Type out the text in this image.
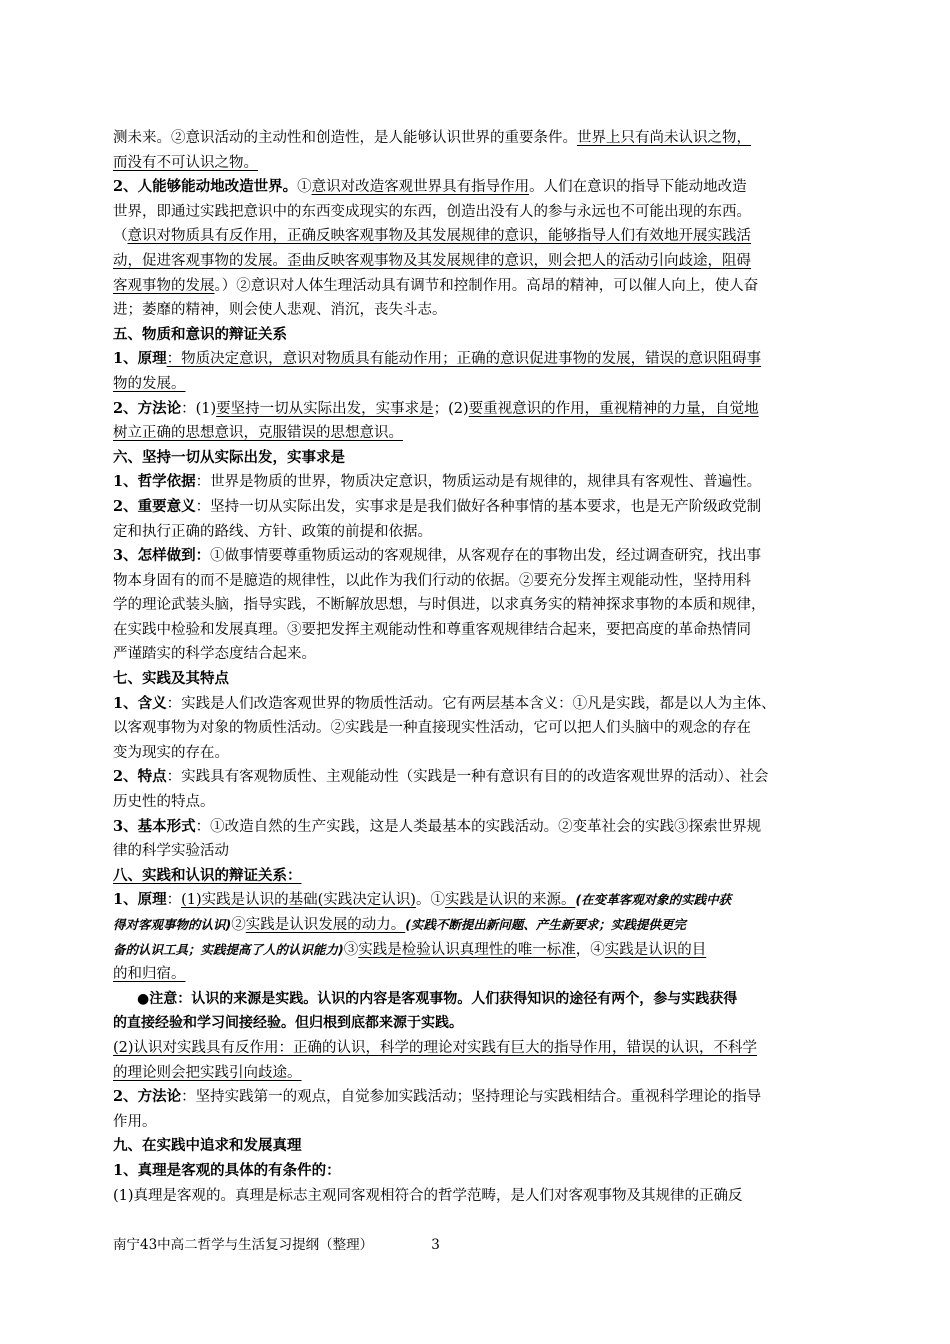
测未来。②意识活动的主动性和创造性，是人能够认识世界的重要条件。世界上只有尚未认识之物，
而没有不可认识之物。
2、人能够能动地改造世界。①意识对改造客观世界具有指导作用。人们在意识的指导下能动地改造
世界，即通过实践把意识中的东西变成现实的东西，创造出没有人的参与永远也不可能出现的东西。
（意识对物质具有反作用，正确反映客观事物及其发展规律的意识，能够指导人们有效地开展实践活
动，促进客观事物的发展。歪曲反映客观事物及其发展规律的意识，则会把人的活动引向歧途，阻碍
客观事物的发展。）②意识对人体生理活动具有调节和控制作用。高昂的精神，可以催人向上，使人奋
进；萎靡的精神，则会使人悲观、消沉，丧失斗志。
五、物质和意识的辩证关系
1、原理：物质决定意识，意识对物质具有能动作用；正确的意识促进事物的发展，错误的意识阻碍事
物的发展。
2、方法论：(1)要坚持一切从实际出发，实事求是；(2)要重视意识的作用，重视精神的力量，自觉地
树立正确的思想意识，克服错误的思想意识。
六、坚持一切从实际出发，实事求是
1、哲学依据：世界是物质的世界，物质决定意识，物质运动是有规律的，规律具有客观性、普遍性。
2、重要意义：坚持一切从实际出发，实事求是是我们做好各种事情的基本要求，也是无产阶级政党制
定和执行正确的路线、方针、政策的前提和依据。
3、怎样做到：①做事情要尊重物质运动的客观规律，从客观存在的事物出发，经过调查研究，找出事
物本身固有的而不是臆造的规律性，以此作为我们行动的依据。②要充分发挥主观能动性，坚持用科
学的理论武装头脑，指导实践，不断解放思想，与时俱进，以求真务实的精神探求事物的本质和规律，
在实践中检验和发展真理。③要把发挥主观能动性和尊重客观规律结合起来，要把高度的革命热情同
严谨踏实的科学态度结合起来。
七、实践及其特点
1、含义：实践是人们改造客观世界的物质性活动。它有两层基本含义：①凡是实践，都是以人为主体、
以客观事物为对象的物质性活动。②实践是一种直接现实性活动，它可以把人们头脑中的观念的存在
变为现实的存在。
2、特点：实践具有客观物质性、主观能动性（实践是一种有意识有目的的改造客观世界的活动）、社会
历史性的特点。
3、基本形式：①改造自然的生产实践，这是人类最基本的实践活动。②变革社会的实践③探索世界规
律的科学实验活动
八、实践和认识的辩证关系：
1、原理：(1)实践是认识的基础(实践决定认识)。①实践是认识的来源。(在变革客观对象的实践中获
得对客观事物的认识)②实践是认识发展的动力。(实践不断提出新问题、产生新要求；实践提供更完
备的认识工具；实践提高了人的认识能力)③实践是检验认识真理性的唯一标准，④实践是认识的目
的和归宿。
●注意：认识的来源是实践。认识的内容是客观事物。人们获得知识的途径有两个，参与实践获得
的直接经验和学习间接经验。但归根到底都来源于实践。
(2)认识对实践具有反作用：正确的认识，科学的理论对实践有巨大的指导作用，错误的认识，不科学
的理论则会把实践引向歧途。
2、方法论：坚持实践第一的观点，自觉参加实践活动；坚持理论与实践相结合。重视科学理论的指导
作用。
九、在实践中追求和发展真理
1、真理是客观的具体的有条件的：
(1)真理是客观的。真理是标志主观同客观相符合的哲学范畴，是人们对客观事物及其规律的正确反
南宁43中高二哲学与生活复习提纲（整理）	3
